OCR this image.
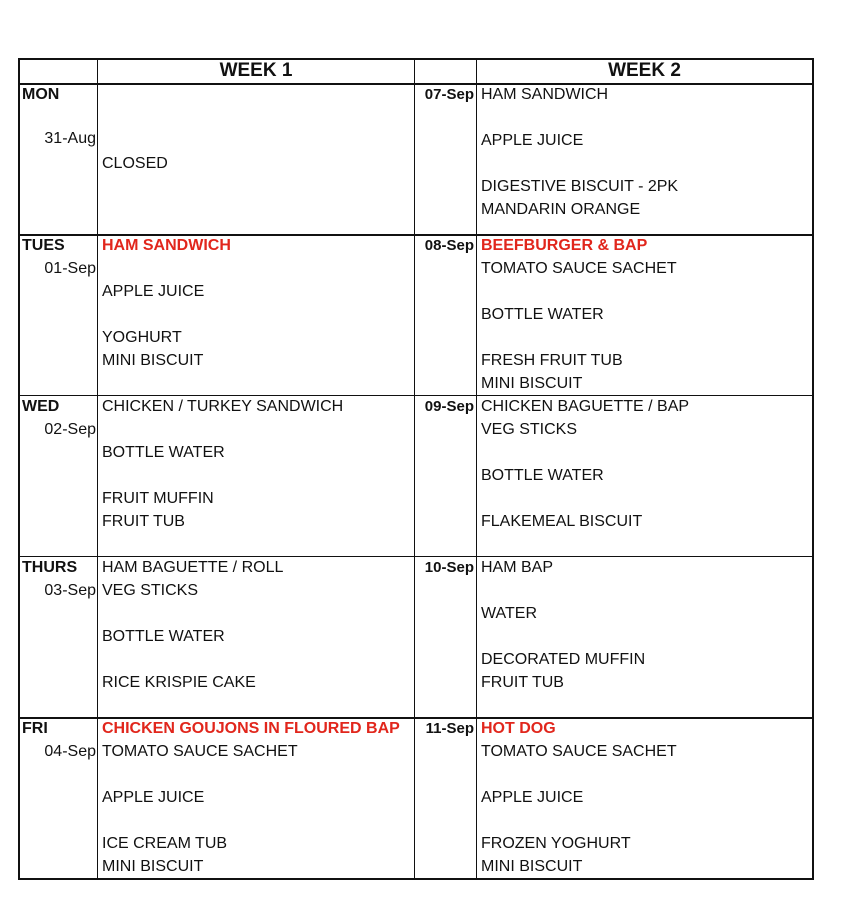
WEEK 1	WEEK 2
MON
31-Aug
07-Sep
CLOSED
HAM SANDWICH
APPLE JUICE
DIGESTIVE BISCUIT - 2PK
MANDARIN ORANGE
TUES
01-Sep
08-Sep
HAM SANDWICH
APPLE JUICE
YOGHURT
MINI BISCUIT
BEEFBURGER & BAP
TOMATO SAUCE SACHET
BOTTLE WATER
FRESH FRUIT TUB
MINI BISCUIT
WED
02-Sep
09-Sep
CHICKEN / TURKEY SANDWICH
BOTTLE WATER
FRUIT MUFFIN
FRUIT TUB
CHICKEN BAGUETTE / BAP
VEG STICKS
BOTTLE WATER
FLAKEMEAL BISCUIT
THURS
03-Sep
10-Sep
HAM BAGUETTE / ROLL
VEG STICKS
BOTTLE WATER
RICE KRISPIE CAKE
HAM BAP
WATER
DECORATED MUFFIN
FRUIT TUB
FRI
04-Sep
11-Sep
CHICKEN GOUJONS IN FLOURED BAP
TOMATO SAUCE SACHET
APPLE JUICE
ICE CREAM TUB
MINI BISCUIT
HOT DOG
TOMATO SAUCE SACHET
APPLE JUICE
FROZEN YOGHURT
MINI BISCUIT
